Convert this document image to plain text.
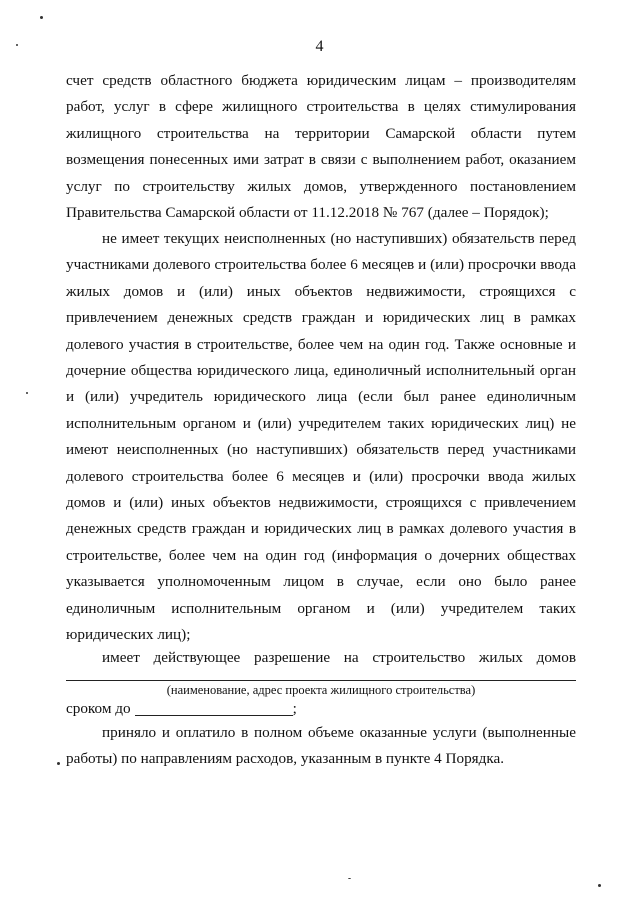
4

счет средств областного бюджета юридическим лицам – производителям работ, услуг в сфере жилищного строительства в целях стимулирования жилищного строительства на территории Самарской области путем возмещения понесенных ими затрат в связи с выполнением работ, оказанием услуг по строительству жилых домов, утвержденного постановлением Правительства Самарской области от 11.12.2018 № 767 (далее – Порядок);

не имеет текущих неисполненных (но наступивших) обязательств перед участниками долевого строительства более 6 месяцев и (или) просрочки ввода жилых домов и (или) иных объектов недвижимости, строящихся с привлечением денежных средств граждан и юридических лиц в рамках долевого участия в строительстве, более чем на один год. Также основные и дочерние общества юридического лица, единоличный исполнительный орган и (или) учредитель юридического лица (если был ранее единоличным исполнительным органом и (или) учредителем таких юридических лиц) не имеют неисполненных (но наступивших) обязательств перед участниками долевого строительства более 6 месяцев и (или) просрочки ввода жилых домов и (или) иных объектов недвижимости, строящихся с привлечением денежных средств граждан и юридических лиц в рамках долевого участия в строительстве, более чем на один год (информация о дочерних обществах указывается уполномоченным лицом в случае, если оно было ранее единоличным исполнительным органом и (или) учредителем таких юридических лиц);

имеет действующее разрешение на строительство жилых домов

(наименование, адрес проекта жилищного строительства)
сроком до	;

приняло и оплатило в полном объеме оказанные услуги (выполненные работы) по направлениям расходов, указанным в пункте 4 Порядка.
